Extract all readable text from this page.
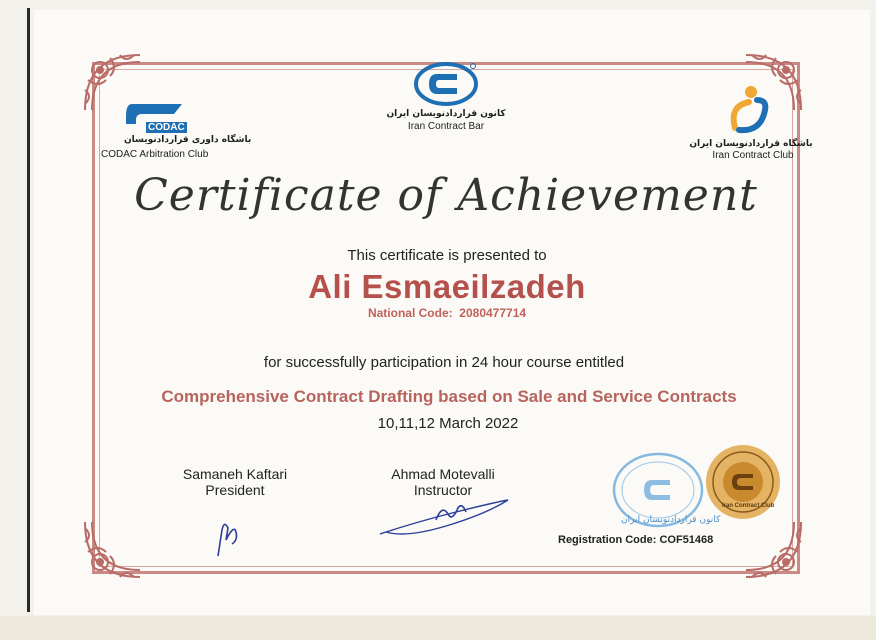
CODAC
باشگاه داوری قراردادنویسان
CODAC Arbitration Club
کانون قراردادنویسان ایران
Iran Contract Bar
باشگاه قراردادنویسان ایران
Iran Contract Club
Certificate of Achievement
This certificate is presented to
Ali Esmaeilzadeh
National Code: 2080477714
for successfully participation in 24 hour course entitled
Comprehensive Contract Drafting based on Sale and Service Contracts
10,11,12 March 2022
Samaneh Kaftari
President
Ahmad Motevalli
Instructor
کانون قراردادنویسان ایران
Iran Contract Club
Registration Code: COF51468
